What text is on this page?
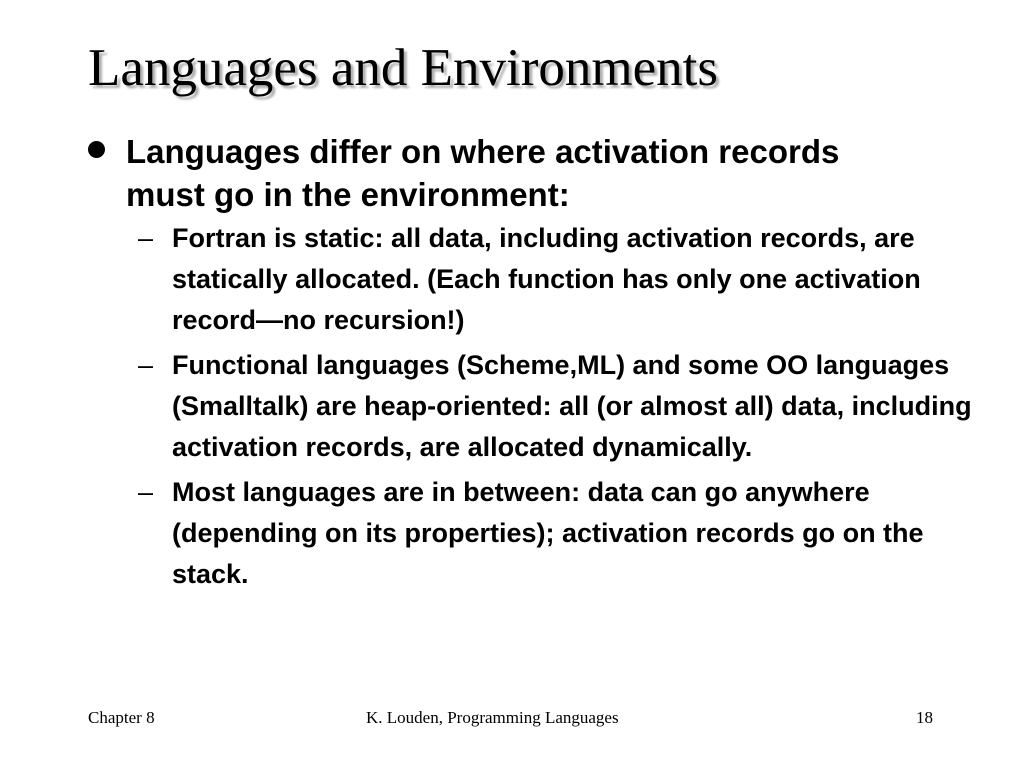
Languages and Environments
Languages differ on where activation records must go in the environment:
– Fortran is static: all data, including activation records, are statically allocated. (Each function has only one activation record—no recursion!)
– Functional languages (Scheme,ML) and some OO languages (Smalltalk) are heap-oriented: all (or almost all) data, including activation records, are allocated dynamically.
– Most languages are in between: data can go anywhere (depending on its properties); activation records go on the stack.
Chapter 8	K. Louden, Programming Languages	18
